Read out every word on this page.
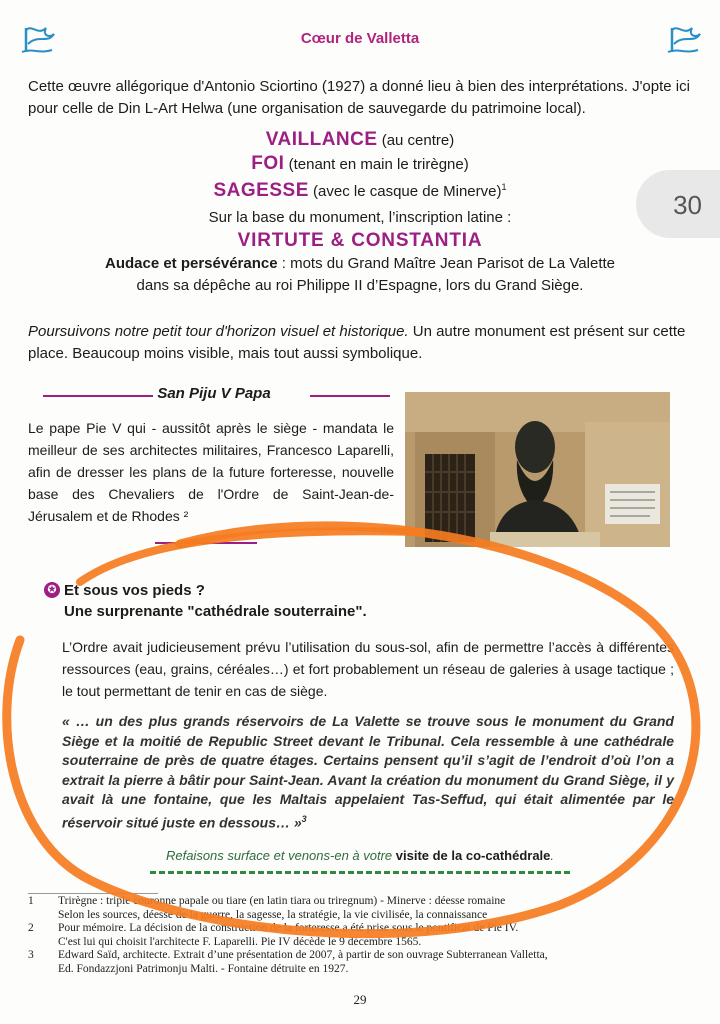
Cœur de Valletta
30

Cette œuvre allégorique d'Antonio Sciortino (1927) a donné lieu à bien des interprétations. J'opte ici pour celle de Din L-Art Helwa (une organisation de sauvegarde du patrimoine local).

VAILLANCE (au centre)
FOI (tenant en main le trirègne)
SAGESSE (avec le casque de Minerve)$^1$
Sur la base du monument, l’inscription latine :
VIRTUTE & CONSTANTIA
Audace et persévérance : mots du Grand Maître Jean Parisot de La Valette
dans sa dépêche au roi Philippe II d’Espagne, lors du Grand Siège.

Poursuivons notre petit tour d'horizon visuel et historique. Un autre monument est présent sur cette place. Beaucoup moins visible, mais tout aussi symbolique.

San Piju V Papa

Le pape Pie V qui - aussitôt après le siège - mandata le meilleur de ses architectes militaires, Francesco Laparelli, afin de dresser les plans de la future forteresse, nouvelle base des Chevaliers de l'Ordre de Saint-Jean-de-Jérusalem et de Rhodes ²

✪ Et sous vos pieds ?
Une surprenante "cathédrale souterraine".

L’Ordre avait judicieusement prévu l’utilisation du sous-sol, afin de permettre l’accès à différentes ressources (eau, grains, céréales…) et fort probablement un réseau de galeries à usage tactique ; le tout permettant de tenir en cas de siège.

« … un des plus grands réservoirs de La Valette se trouve sous le monument du Grand Siège et la moitié de Republic Street devant le Tribunal. Cela ressemble à une cathédrale souterraine de près de quatre étages. Certains pensent qu’il s’agit de l’endroit d’où l’on a extrait la pierre à bâtir pour Saint-Jean. Avant la création du monument du Grand Siège, il y avait là une fontaine, que les Maltais appelaient Tas-Seffud, qui était alimentée par le réservoir situé juste en dessous… »$^3$

Refaisons surface et venons-en à votre visite de la co-cathédrale.
1	Trirègne : triple couronne papale ou tiare (en latin tiara ou triregnum) - Minerve : déesse romaine
Selon les sources, déesse de la guerre, la sagesse, la stratégie, la vie civilisée, la connaissance
2	Pour mémoire. La décision de la construction de la forteresse a été prise sous le pontificat de Pie IV.
C'est lui qui choisit l'architecte F. Laparelli. Pie IV décède le 9 décembre 1565.
3	Edward Saïd, architecte. Extrait d’une présentation de 2007, à partir de son ouvrage Subterranean Valletta,
Ed. Fondazzjoni Patrimonju Malti. - Fontaine détruite en 1927.
29
